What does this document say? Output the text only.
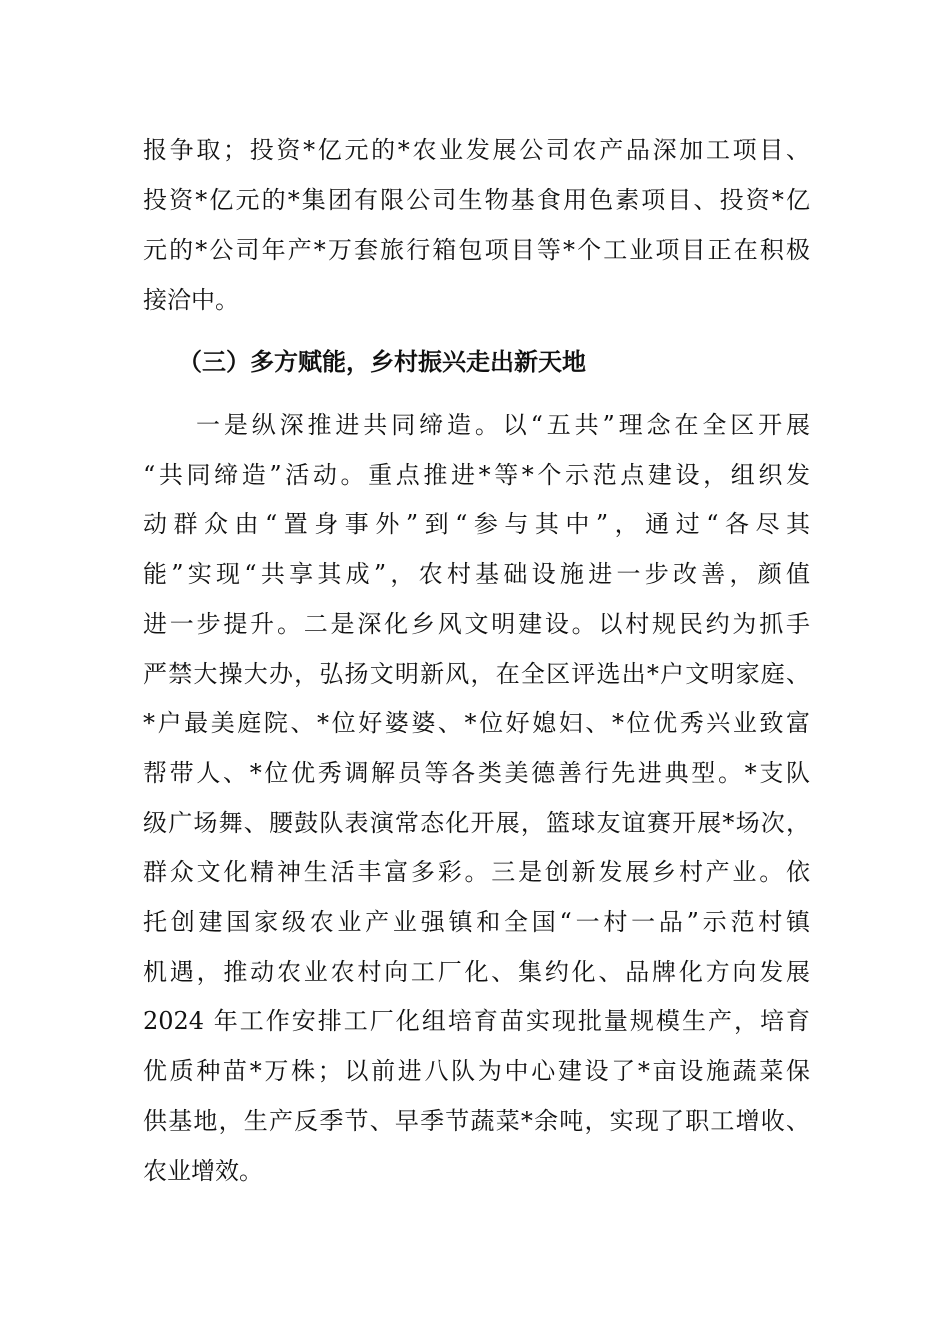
报争取；投资*亿元的*农业发展公司农产品深加工项目、
投资*亿元的*集团有限公司生物基食用色素项目、投资*亿
元的*公司年产*万套旅行箱包项目等*个工业项目正在积极
接洽中。
（三）多方赋能，乡村振兴走出新天地
一是纵深推进共同缔造。以“五共”理念在全区开展
“共同缔造”活动。重点推进*等*个示范点建设，组织发
动群众由“置身事外”到“参与其中”，通过“各尽其
能”实现“共享其成”，农村基础设施进一步改善，颜值
进一步提升。二是深化乡风文明建设。以村规民约为抓手
严禁大操大办，弘扬文明新风，在全区评选出*户文明家庭、
*户最美庭院、*位好婆婆、*位好媳妇、*位优秀兴业致富
帮带人、*位优秀调解员等各类美德善行先进典型。*支队
级广场舞、腰鼓队表演常态化开展，篮球友谊赛开展*场次，
群众文化精神生活丰富多彩。三是创新发展乡村产业。依
托创建国家级农业产业强镇和全国“一村一品”示范村镇
机遇，推动农业农村向工厂化、集约化、品牌化方向发展
2024 年工作安排工厂化组培育苗实现批量规模生产，培育
优质种苗*万株；以前进八队为中心建设了*亩设施蔬菜保
供基地，生产反季节、早季节蔬菜*余吨，实现了职工增收、
农业增效。
